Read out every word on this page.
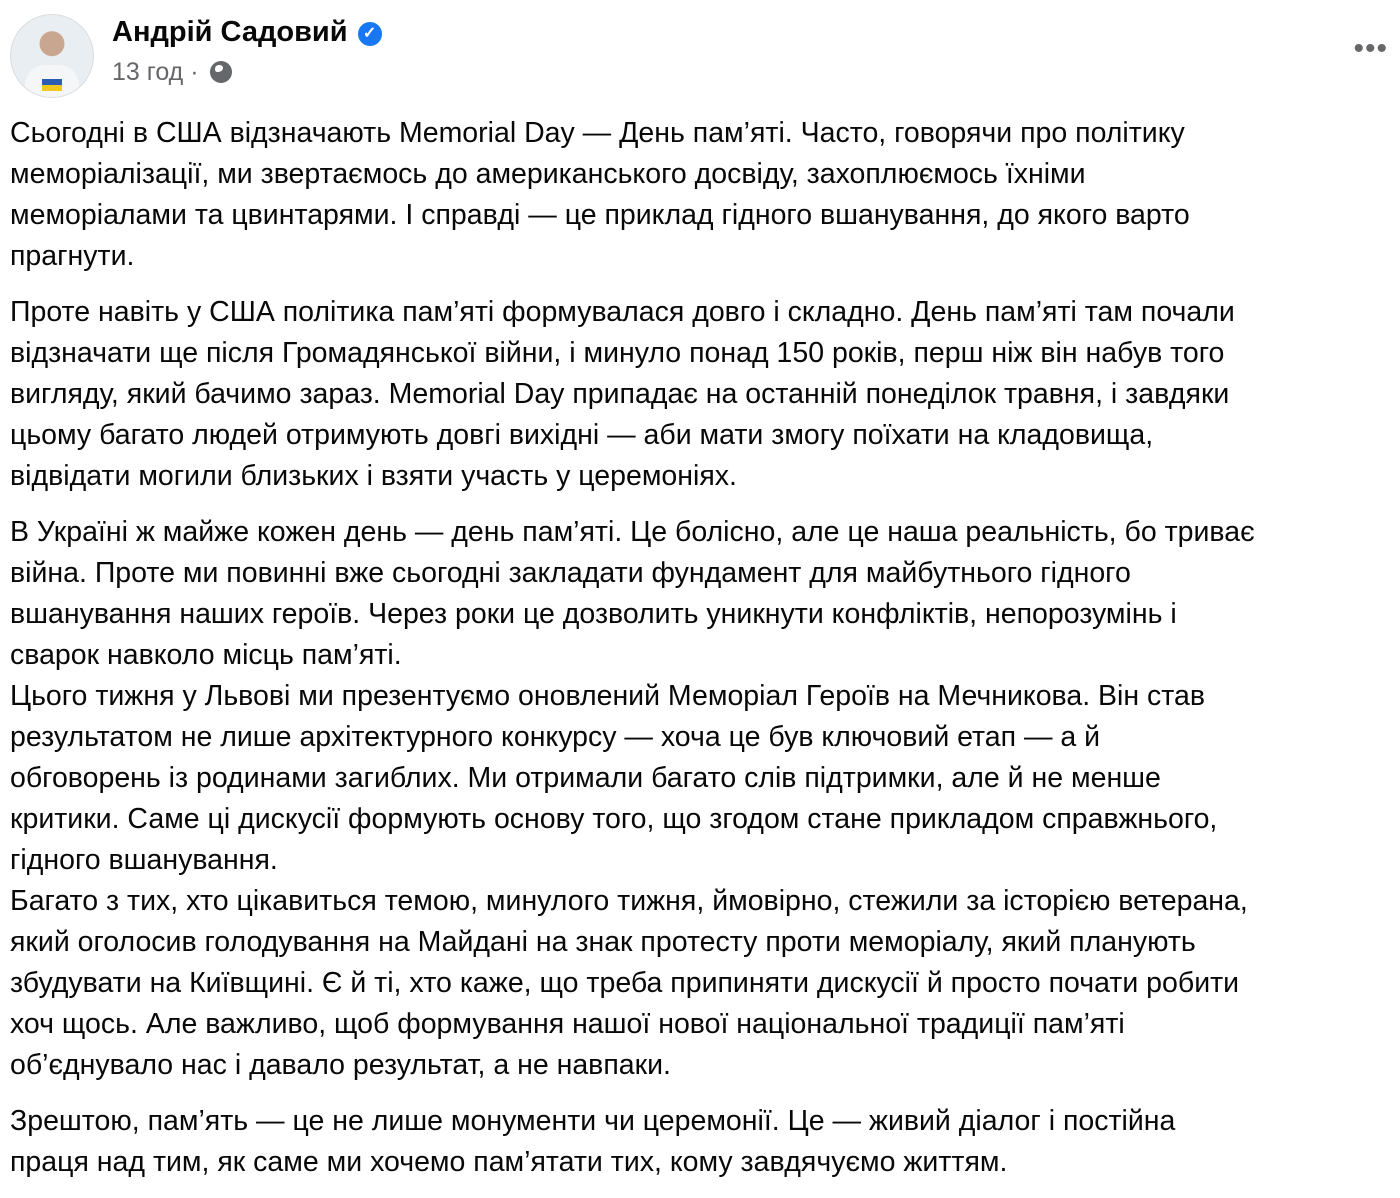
Андрій Садовий ✓
13 год ·
•••
Сьогодні в США відзначають Memorial Day — День пам’яті. Часто, говорячи про політику
меморіалізації, ми звертаємось до американського досвіду, захоплюємось їхніми
меморіалами та цвинтарями. І справді — це приклад гідного вшанування, до якого варто
прагнути.
Проте навіть у США політика пам’яті формувалася довго і складно. День пам’яті там почали
відзначати ще після Громадянської війни, і минуло понад 150 років, перш ніж він набув того
вигляду, який бачимо зараз. Memorial Day припадає на останній понеділок травня, і завдяки
цьому багато людей отримують довгі вихідні — аби мати змогу поїхати на кладовища,
відвідати могили близьких і взяти участь у церемоніях.
В Україні ж майже кожен день — день пам’яті. Це болісно, але це наша реальність, бо триває
війна. Проте ми повинні вже сьогодні закладати фундамент для майбутнього гідного
вшанування наших героїв. Через роки це дозволить уникнути конфліктів, непорозумінь і
сварок навколо місць пам’яті.
Цього тижня у Львові ми презентуємо оновлений Меморіал Героїв на Мечникова. Він став
результатом не лише архітектурного конкурсу — хоча це був ключовий етап — а й
обговорень із родинами загиблих. Ми отримали багато слів підтримки, але й не менше
критики. Саме ці дискусії формують основу того, що згодом стане прикладом справжнього,
гідного вшанування.
Багато з тих, хто цікавиться темою, минулого тижня, ймовірно, стежили за історією ветерана,
який оголосив голодування на Майдані на знак протесту проти меморіалу, який планують
збудувати на Київщині. Є й ті, хто каже, що треба припиняти дискусії й просто почати робити
хоч щось. Але важливо, щоб формування нашої нової національної традиції пам’яті
об’єднувало нас і давало результат, а не навпаки.
Зрештою, пам’ять — це не лише монументи чи церемонії. Це — живий діалог і постійна
праця над тим, як саме ми хочемо пам’ятати тих, кому завдячуємо життям.
